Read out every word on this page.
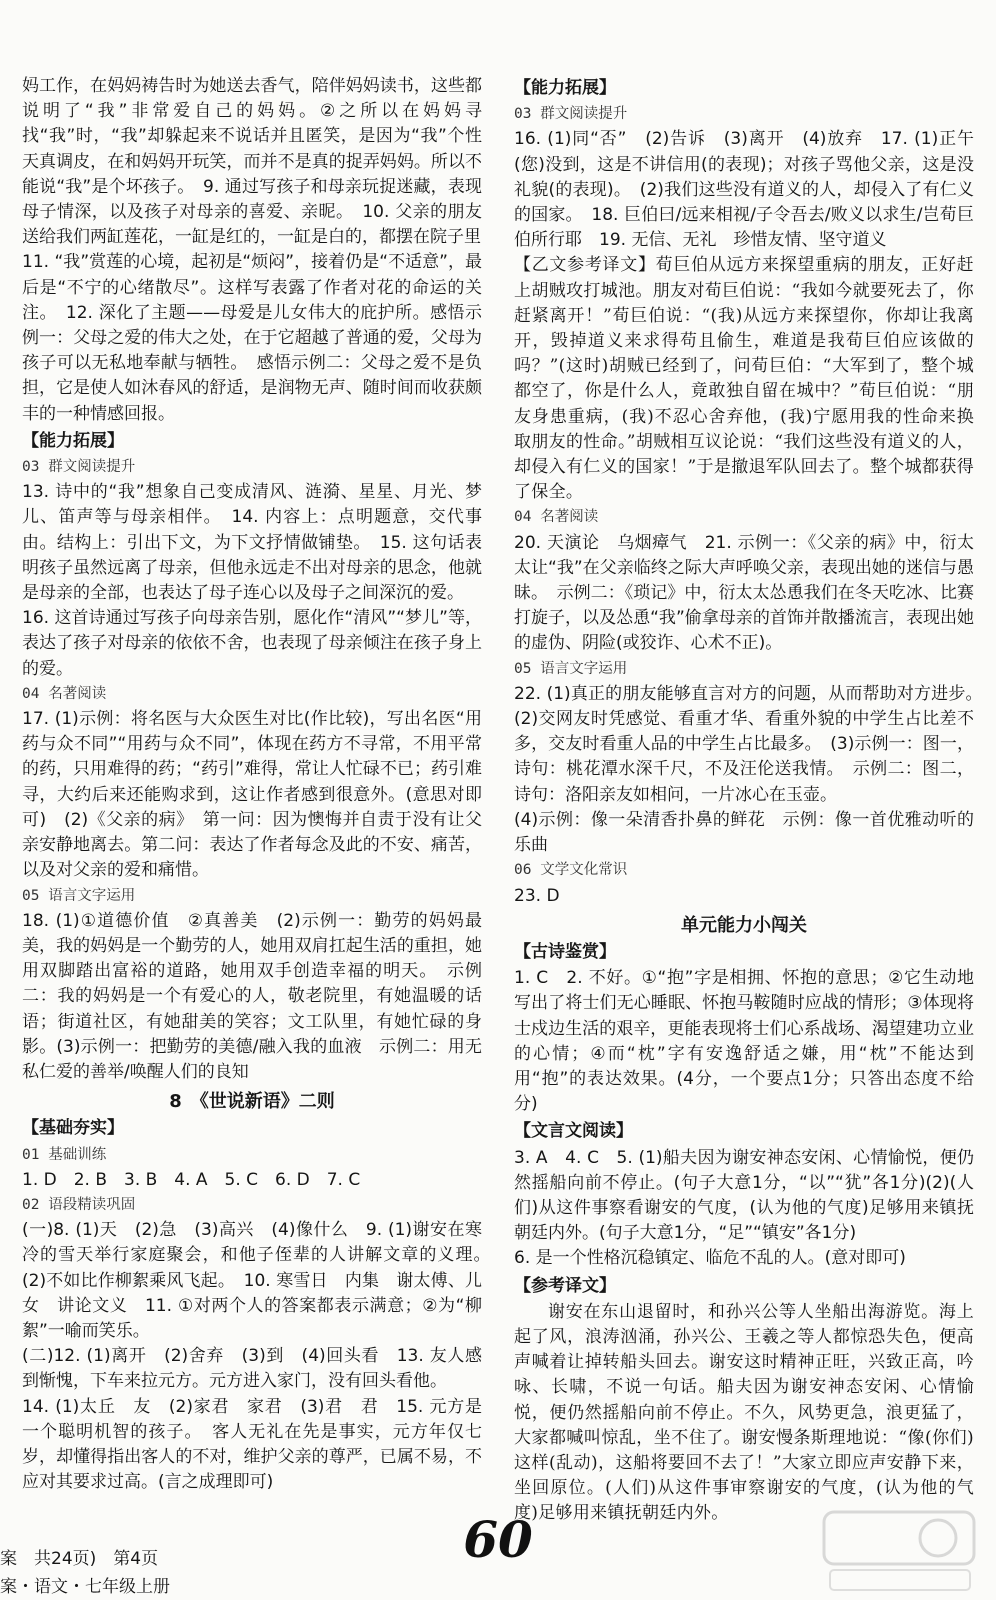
妈工作，在妈妈祷告时为她送去香气，陪伴妈妈读书，这些都说明了“我”非常爱自己的妈妈。②之所以在妈妈寻找“我”时，“我”却躲起来不说话并且匿笑，是因为“我”个性天真调皮，在和妈妈开玩笑，而并不是真的捉弄妈妈。所以不能说“我”是个坏孩子。　9. 通过写孩子和母亲玩捉迷藏，表现母子情深，以及孩子对母亲的喜爱、亲昵。　10. 父亲的朋友送给我们两缸莲花，一缸是红的，一缸是白的，都摆在院子里
11. “我”赏莲的心境，起初是“烦闷”，接着仍是“不适意”，最后是“不宁的心绪散尽”。这样写表露了作者对花的命运的关注。　12. 深化了主题——母爱是儿女伟大的庇护所。感悟示例一：父母之爱的伟大之处，在于它超越了普通的爱，父母为孩子可以无私地奉献与牺牲。　感悟示例二：父母之爱不是负担，它是使人如沐春风的舒适，是润物无声、随时间而收获颇丰的一种情感回报。
【能力拓展】
03 群文阅读提升
13. 诗中的“我”想象自己变成清风、涟漪、星星、月光、梦儿、笛声等与母亲相伴。　14. 内容上：点明题意，交代事由。结构上：引出下文，为下文抒情做铺垫。　15. 这句话表明孩子虽然远离了母亲，但他永远走不出对母亲的思念，他就是母亲的全部，也表达了母子连心以及母子之间深沉的爱。
16. 这首诗通过写孩子向母亲告别，愿化作“清风”“梦儿”等，表达了孩子对母亲的依依不舍，也表现了母亲倾注在孩子身上的爱。
04 名著阅读
17. (1)示例：将名医与大众医生对比(作比较)，写出名医“用药与众不同”“用药与众不同”，体现在药方不寻常，不用平常的药，只用难得的药；“药引”难得，常让人忙碌不已；药引难寻，大约后来还能购求到，这让作者感到很意外。(意思对即可)　(2)《父亲的病》　第一问：因为懊悔并自责于没有让父亲安静地离去。第二问：表达了作者每念及此的不安、痛苦，以及对父亲的爱和痛惜。
05 语言文字运用
18. (1)①道德价值　②真善美　(2)示例一：勤劳的妈妈最美，我的妈妈是一个勤劳的人，她用双肩扛起生活的重担，她用双脚踏出富裕的道路，她用双手创造幸福的明天。　示例二：我的妈妈是一个有爱心的人，敬老院里，有她温暖的话语；街道社区，有她甜美的笑容；文工队里，有她忙碌的身影。(3)示例一：把勤劳的美德/融入我的血液　示例二：用无私仁爱的善举/唤醒人们的良知
8　《世说新语》二则
【基础夯实】
01 基础训练
1. D　2. B　3. B　4. A　5. C　6. D　7. C
02 语段精读巩固
(一)8. (1)天　(2)急　(3)高兴　(4)像什么　9. (1)谢安在寒冷的雪天举行家庭聚会，和他子侄辈的人讲解文章的义理。　(2)不如比作柳絮乘风飞起。　10. 寒雪日　内集　谢太傅、儿女　讲论文义　11. ①对两个人的答案都表示满意；②为“柳絮”一喻而笑乐。
(二)12. (1)离开　(2)舍弃　(3)到　(4)回头看　13. 友人感到惭愧，下车来拉元方。元方进入家门，没有回头看他。
14. (1)太丘　友　(2)家君　家君　(3)君　君　15. 元方是一个聪明机智的孩子。　客人无礼在先是事实，元方年仅七岁，却懂得指出客人的不对，维护父亲的尊严，已属不易，不应对其要求过高。(言之成理即可)
【能力拓展】
03 群文阅读提升
16. (1)同“否”　(2)告诉　(3)离开　(4)放弃　17. (1)正午(您)没到，这是不讲信用(的表现)；对孩子骂他父亲，这是没礼貌(的表现)。　(2)我们这些没有道义的人，却侵入了有仁义的国家。　18. 巨伯曰/远来相视/子令吾去/败义以求生/岂荀巨伯所行耶　19. 无信、无礼　珍惜友情、坚守道义
【乙文参考译文】荀巨伯从远方来探望重病的朋友，正好赶上胡贼攻打城池。朋友对荀巨伯说：“我如今就要死去了，你赶紧离开！”荀巨伯说：“(我)从远方来探望你，你却让我离开，毁掉道义来求得苟且偷生，难道是我荀巨伯应该做的吗？”(这时)胡贼已经到了，问荀巨伯：“大军到了，整个城都空了，你是什么人，竟敢独自留在城中？”荀巨伯说：“朋友身患重病，(我)不忍心舍弃他，(我)宁愿用我的性命来换取朋友的性命。”胡贼相互议论说：“我们这些没有道义的人，却侵入有仁义的国家！”于是撤退军队回去了。整个城都获得了保全。
04 名著阅读
20. 天演论　乌烟瘴气　21. 示例一：《父亲的病》中，衍太太让“我”在父亲临终之际大声呼唤父亲，表现出她的迷信与愚昧。　示例二：《琐记》中，衍太太怂恿我们在冬天吃冰、比赛打旋子，以及怂恿“我”偷拿母亲的首饰并散播流言，表现出她的虚伪、阴险(或狡诈、心术不正)。
05 语言文字运用
22. (1)真正的朋友能够直言对方的问题，从而帮助对方进步。　(2)交网友时凭感觉、看重才华、看重外貌的中学生占比差不多，交友时看重人品的中学生占比最多。　(3)示例一：图一，诗句：桃花潭水深千尺，不及汪伦送我情。　示例二：图二，诗句：洛阳亲友如相问，一片冰心在玉壶。
(4)示例：像一朵清香扑鼻的鲜花　示例：像一首优雅动听的乐曲
06 文学文化常识
23. D
单元能力小闯关
【古诗鉴赏】
1. C　2. 不好。①“抱”字是相拥、怀抱的意思；②它生动地写出了将士们无心睡眠、怀抱马鞍随时应战的情形；③体现将士戍边生活的艰辛，更能表现将士们心系战场、渴望建功立业的心情；④而“枕”字有安逸舒适之嫌，用“枕”不能达到用“抱”的表达效果。(4分，一个要点1分；只答出态度不给分)
【文言文阅读】
3. A　4. C　5. (1)船夫因为谢安神态安闲、心情愉悦，便仍然摇船向前不停止。(句子大意1分，“以”“犹”各1分)(2)(人们)从这件事察看谢安的气度，(认为他的气度)足够用来镇抚朝廷内外。(句子大意1分，“足”“镇安”各1分)
6. 是一个性格沉稳镇定、临危不乱的人。(意对即可)
【参考译文】
谢安在东山退留时，和孙兴公等人坐船出海游览。海上起了风，浪涛汹涌，孙兴公、王羲之等人都惊恐失色，便高声喊着让掉转船头回去。谢安这时精神正旺，兴致正高，吟咏、长啸，不说一句话。船夫因为谢安神态安闲、心情愉悦，便仍然摇船向前不停止。不久，风势更急，浪更猛了，大家都喊叫惊乱，坐不住了。谢安慢条斯理地说：“像(你们)这样(乱动)，这船将要回不去了！”大家立即应声安静下来，坐回原位。(人们)从这件事审察谢安的气度，(认为他的气度)足够用来镇抚朝廷内外。
案　共24页)　第4页
案・语文・七年级上册
60
